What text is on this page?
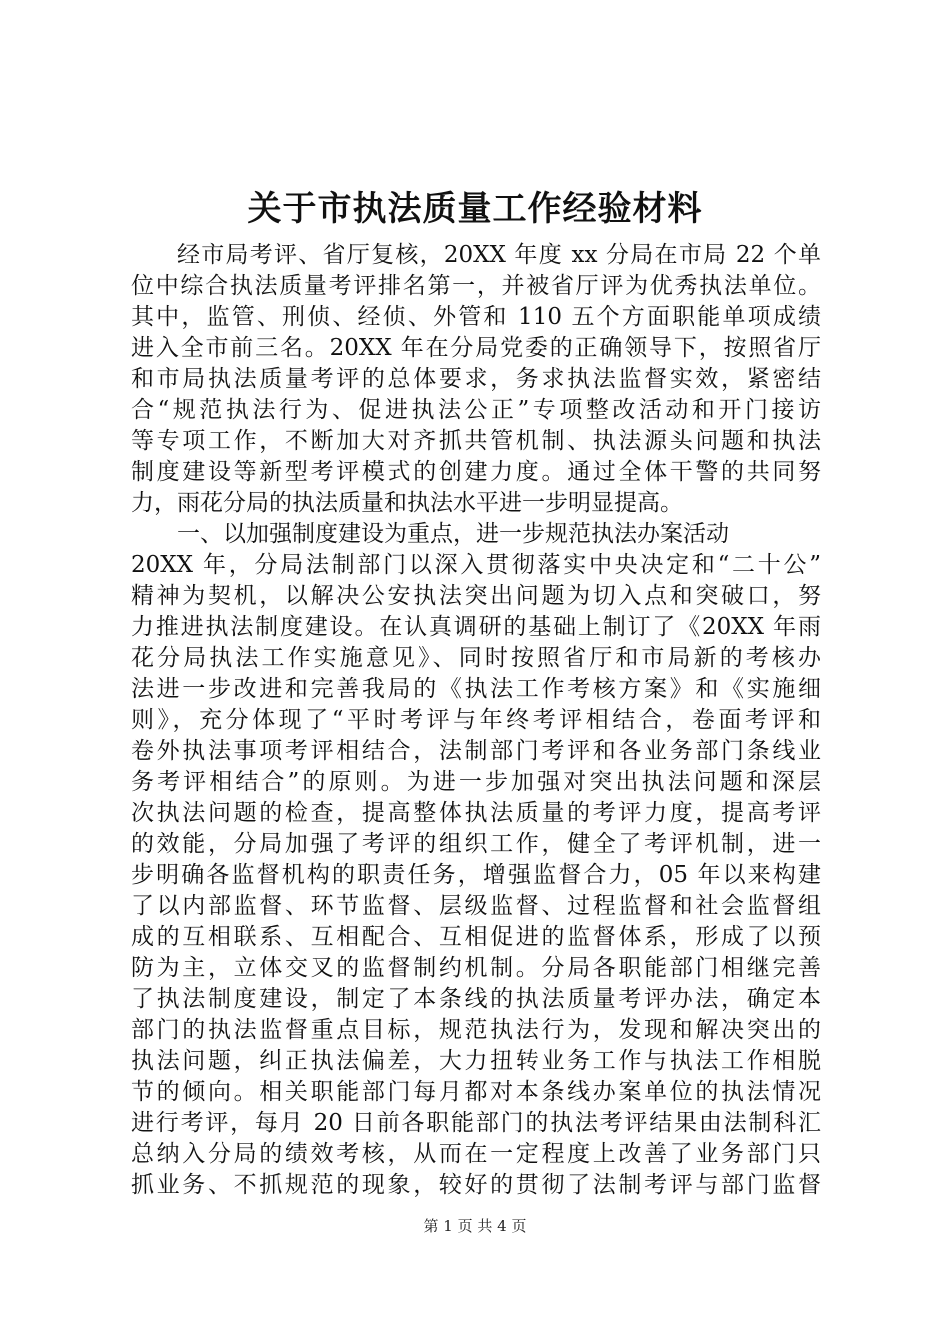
关于市执法质量工作经验材料
经市局考评、省厅复核，20XX 年度 xx 分局在市局 22 个单
位中综合执法质量考评排名第一，并被省厅评为优秀执法单位。
其中，监管、刑侦、经侦、外管和 110 五个方面职能单项成绩
进入全市前三名。20XX 年在分局党委的正确领导下，按照省厅
和市局执法质量考评的总体要求，务求执法监督实效，紧密结
合“规范执法行为、促进执法公正”专项整改活动和开门接访
等专项工作，不断加大对齐抓共管机制、执法源头问题和执法
制度建设等新型考评模式的创建力度。通过全体干警的共同努
力，雨花分局的执法质量和执法水平进一步明显提高。
一、以加强制度建设为重点，进一步规范执法办案活动
20XX 年，分局法制部门以深入贯彻落实中央决定和“二十公”
精神为契机，以解决公安执法突出问题为切入点和突破口，努
力推进执法制度建设。在认真调研的基础上制订了《20XX 年雨
花分局执法工作实施意见》、同时按照省厅和市局新的考核办
法进一步改进和完善我局的《执法工作考核方案》和《实施细
则》，充分体现了“平时考评与年终考评相结合，卷面考评和
卷外执法事项考评相结合，法制部门考评和各业务部门条线业
务考评相结合”的原则。为进一步加强对突出执法问题和深层
次执法问题的检查，提高整体执法质量的考评力度，提高考评
的效能，分局加强了考评的组织工作，健全了考评机制，进一
步明确各监督机构的职责任务，增强监督合力，05 年以来构建
了以内部监督、环节监督、层级监督、过程监督和社会监督组
成的互相联系、互相配合、互相促进的监督体系，形成了以预
防为主，立体交叉的监督制约机制。分局各职能部门相继完善
了执法制度建设，制定了本条线的执法质量考评办法，确定本
部门的执法监督重点目标，规范执法行为，发现和解决突出的
执法问题，纠正执法偏差，大力扭转业务工作与执法工作相脱
节的倾向。相关职能部门每月都对本条线办案单位的执法情况
进行考评，每月 20 日前各职能部门的执法考评结果由法制科汇
总纳入分局的绩效考核，从而在一定程度上改善了业务部门只
抓业务、不抓规范的现象，较好的贯彻了法制考评与部门监督
第 1 页 共 4 页
